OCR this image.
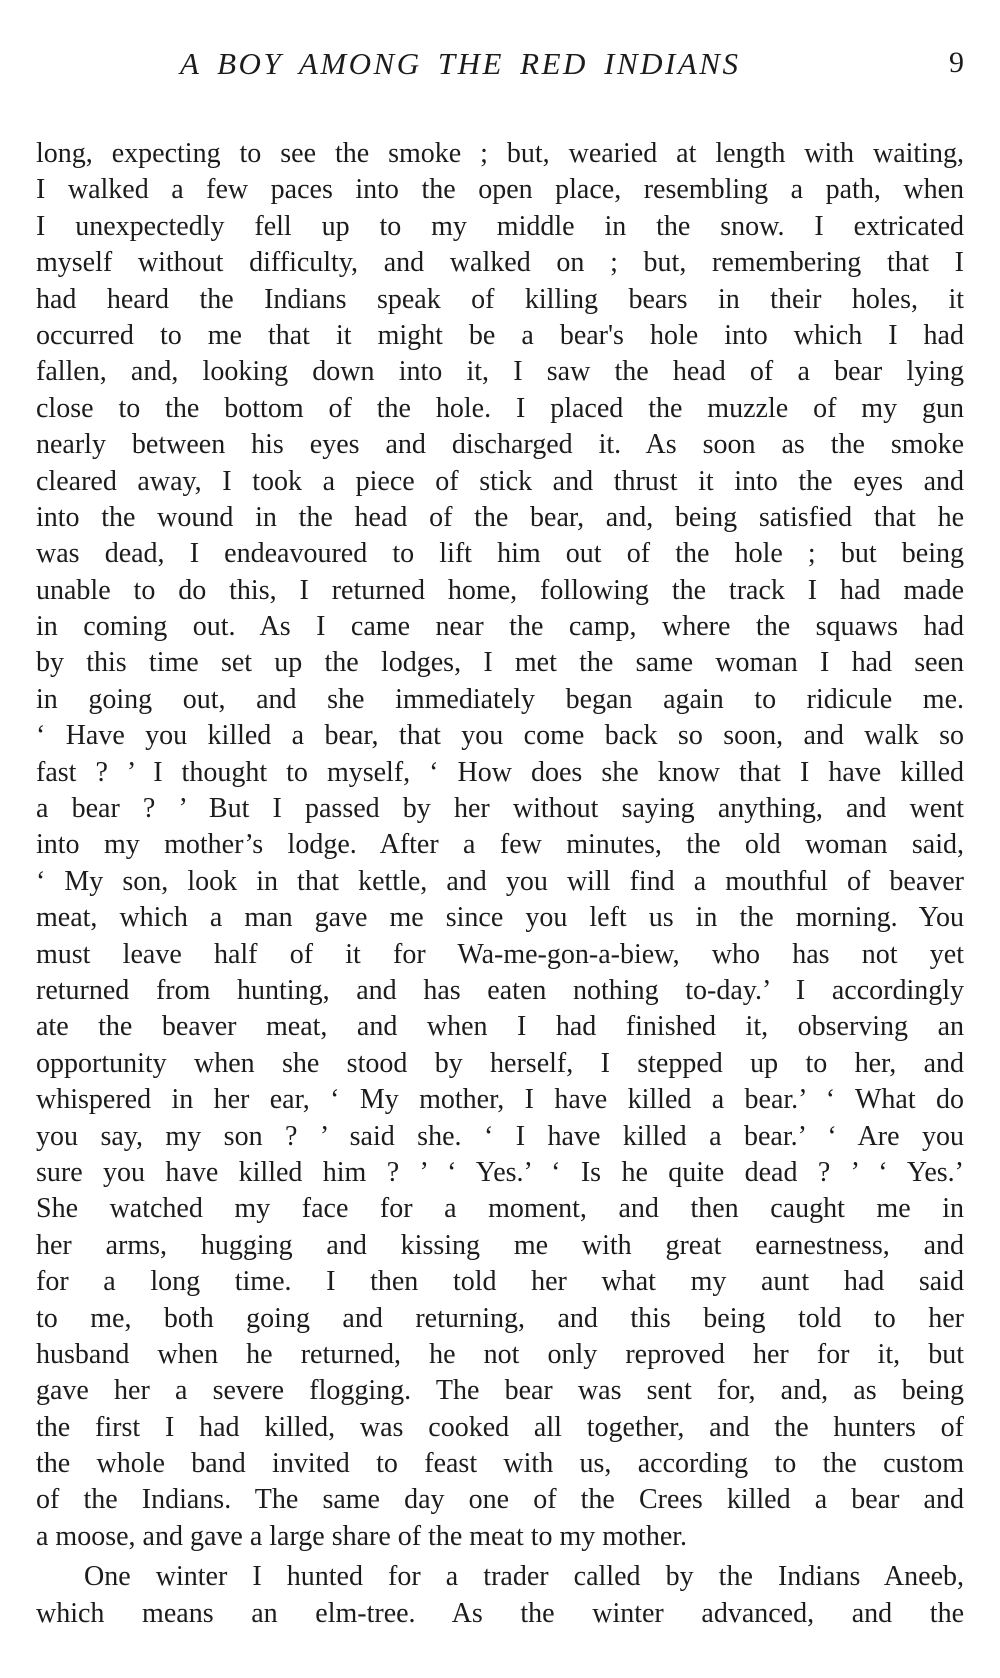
A BOY AMONG THE RED INDIANS	9
long, expecting to see the smoke ; but, wearied at length with waiting,
I walked a few paces into the open place, resembling a path, when
I unexpectedly fell up to my middle in the snow. I extricated
myself without difficulty, and walked on ; but, remembering that I
had heard the Indians speak of killing bears in their holes, it
occurred to me that it might be a bear's hole into which I had
fallen, and, looking down into it, I saw the head of a bear lying
close to the bottom of the hole. I placed the muzzle of my gun
nearly between his eyes and discharged it. As soon as the smoke
cleared away, I took a piece of stick and thrust it into the eyes and
into the wound in the head of the bear, and, being satisfied that he
was dead, I endeavoured to lift him out of the hole ; but being
unable to do this, I returned home, following the track I had made
in coming out. As I came near the camp, where the squaws had
by this time set up the lodges, I met the same woman I had seen
in going out, and she immediately began again to ridicule me.
‘ Have you killed a bear, that you come back so soon, and walk so
fast ? ’ I thought to myself, ‘ How does she know that I have killed
a bear ? ’ But I passed by her without saying anything, and went
into my mother’s lodge. After a few minutes, the old woman said,
‘ My son, look in that kettle, and you will find a mouthful of beaver
meat, which a man gave me since you left us in the morning. You
must leave half of it for Wa-me-gon-a-biew, who has not yet
returned from hunting, and has eaten nothing to-day.’ I accordingly
ate the beaver meat, and when I had finished it, observing an
opportunity when she stood by herself, I stepped up to her, and
whispered in her ear, ‘ My mother, I have killed a bear.’ ‘ What do
you say, my son ? ’ said she. ‘ I have killed a bear.’ ‘ Are you
sure you have killed him ? ’ ‘ Yes.’ ‘ Is he quite dead ? ’ ‘ Yes.’
She watched my face for a moment, and then caught me in
her arms, hugging and kissing me with great earnestness, and
for a long time. I then told her what my aunt had said
to me, both going and returning, and this being told to her
husband when he returned, he not only reproved her for it, but
gave her a severe flogging. The bear was sent for, and, as being
the first I had killed, was cooked all together, and the hunters of
the whole band invited to feast with us, according to the custom
of the Indians. The same day one of the Crees killed a bear and
a moose, and gave a large share of the meat to my mother.
One winter I hunted for a trader called by the Indians Aneeb,
which means an elm-tree. As the winter advanced, and the
